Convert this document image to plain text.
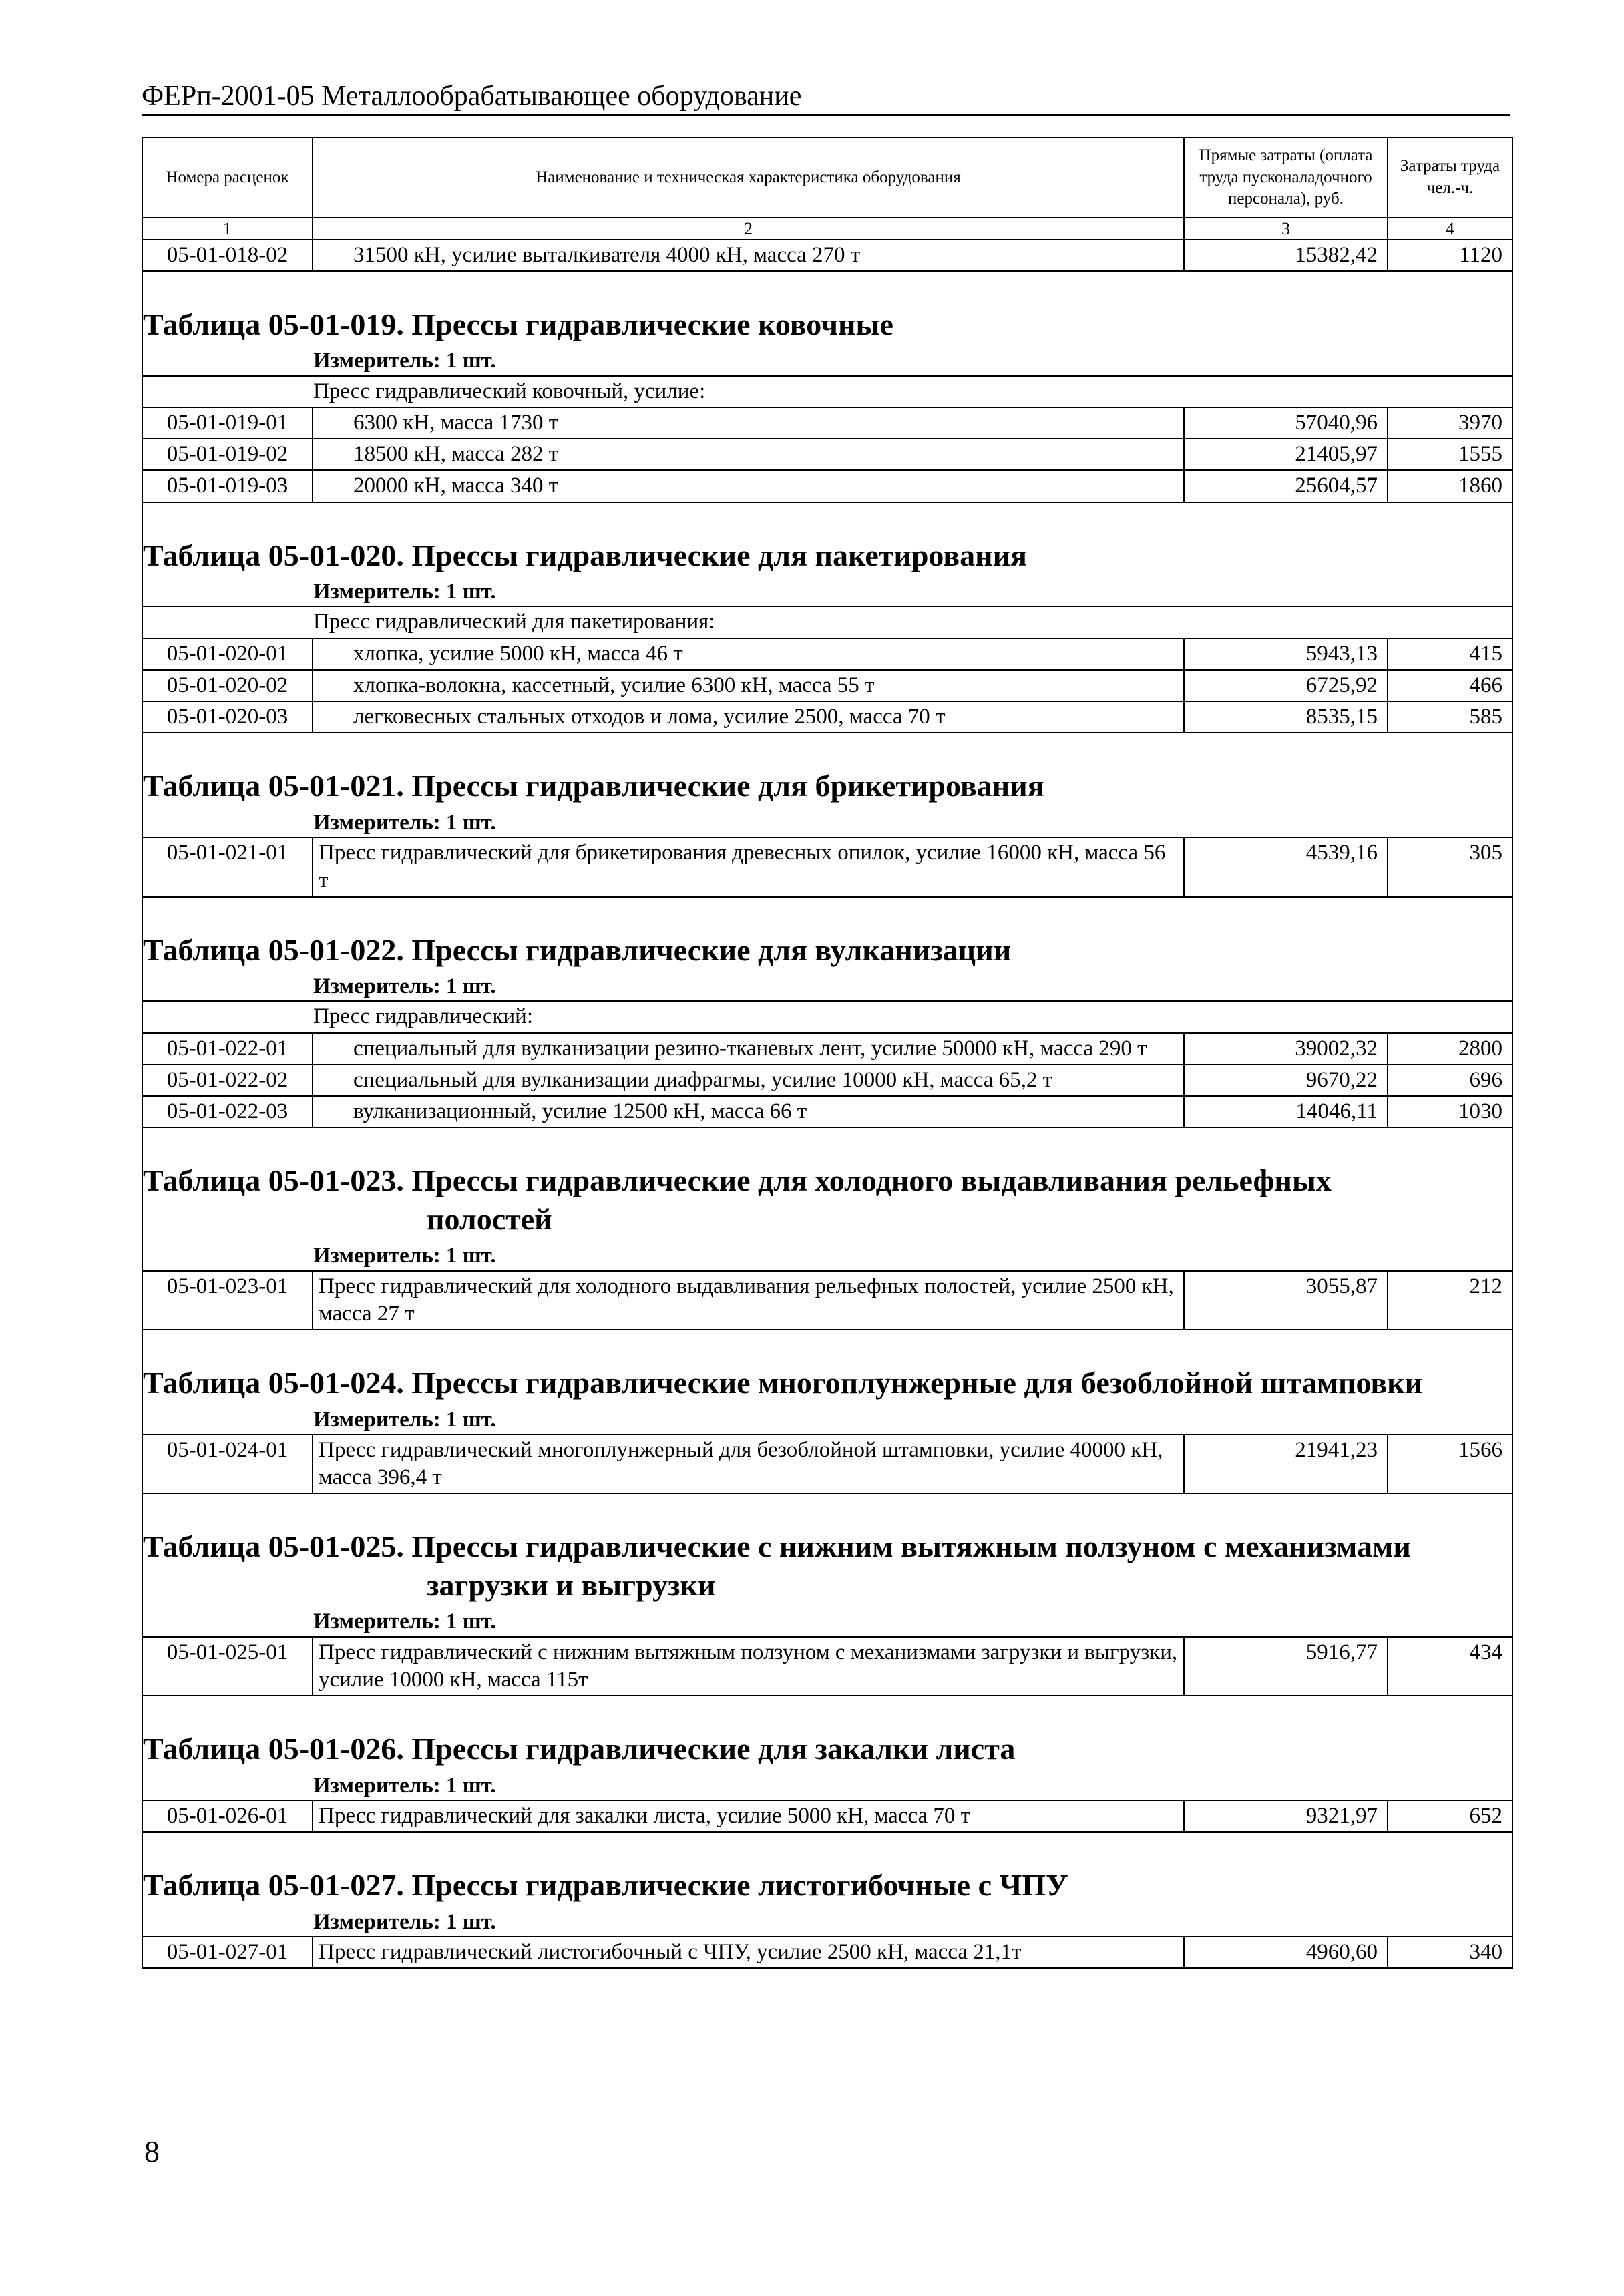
ФЕРп-2001-05 Металлообрабатывающее оборудование
Номера расценок	Наименование и техническая характеристика оборудования	Прямые затраты (оплата труда пусконаладочного персонала), руб.	Затраты труда чел.-ч.
1	2	3	4
05-01-018-02	31500 кН, усилие выталкивателя 4000 кН, масса 270 т	15382,42	1120

Таблица 05-01-019. Прессы гидравлические ковочные			
Измеритель: 1 шт.			
Пресс гидравлический ковочный, усилие:			
05-01-019-01	6300 кН, масса 1730 т	57040,96	3970
05-01-019-02	18500 кН, масса 282 т	21405,97	1555
05-01-019-03	20000 кН, масса 340 т	25604,57	1860

Таблица 05-01-020. Прессы гидравлические для пакетирования			
Измеритель: 1 шт.			
Пресс гидравлический для пакетирования:			
05-01-020-01	хлопка, усилие 5000 кН, масса 46 т	5943,13	415
05-01-020-02	хлопка-волокна, кассетный, усилие 6300 кН, масса 55 т	6725,92	466
05-01-020-03	легковесных стальных отходов и лома, усилие 2500, масса 70 т	8535,15	585

Таблица 05-01-021. Прессы гидравлические для брикетирования			
Измеритель: 1 шт.			
05-01-021-01	Пресс гидравлический для брикетирования древесных опилок, усилие 16000 кН, масса 56 т	4539,16	305

Таблица 05-01-022. Прессы гидравлические для вулканизации			
Измеритель: 1 шт.			
Пресс гидравлический:			
05-01-022-01	специальный для вулканизации резино-тканевых лент, усилие 50000 кН, масса 290 т	39002,32	2800
05-01-022-02	специальный для вулканизации диафрагмы, усилие 10000 кН, масса 65,2 т	9670,22	696
05-01-022-03	вулканизационный, усилие 12500 кН, масса 66 т	14046,11	1030

Таблица 05-01-023. Прессы гидравлические для холодного выдавливания рельефных
полостей			

Измеритель: 1 шт.			
05-01-023-01	Пресс гидравлический для холодного выдавливания рельефных полостей, усилие 2500 кН, масса 27 т	3055,87	212

Таблица 05-01-024. Прессы гидравлические многоплунжерные для безоблойной штамповки			
Измеритель: 1 шт.			
05-01-024-01	Пресс гидравлический многоплунжерный для безоблойной штамповки, усилие 40000 кН, масса 396,4 т	21941,23	1566

Таблица 05-01-025. Прессы гидравлические с нижним вытяжным ползуном с механизмами
загрузки и выгрузки			

Измеритель: 1 шт.			
05-01-025-01	Пресс гидравлический с нижним вытяжным ползуном с механизмами загрузки и выгрузки, усилие 10000 кН, масса 115т	5916,77	434

Таблица 05-01-026. Прессы гидравлические для закалки листа			
Измеритель: 1 шт.			
05-01-026-01	Пресс гидравлический для закалки листа, усилие 5000 кН, масса 70 т	9321,97	652

Таблица 05-01-027. Прессы гидравлические листогибочные с ЧПУ			
Измеритель: 1 шт.			
05-01-027-01	Пресс гидравлический листогибочный с ЧПУ, усилие 2500 кН, масса 21,1т	4960,60	340
8
